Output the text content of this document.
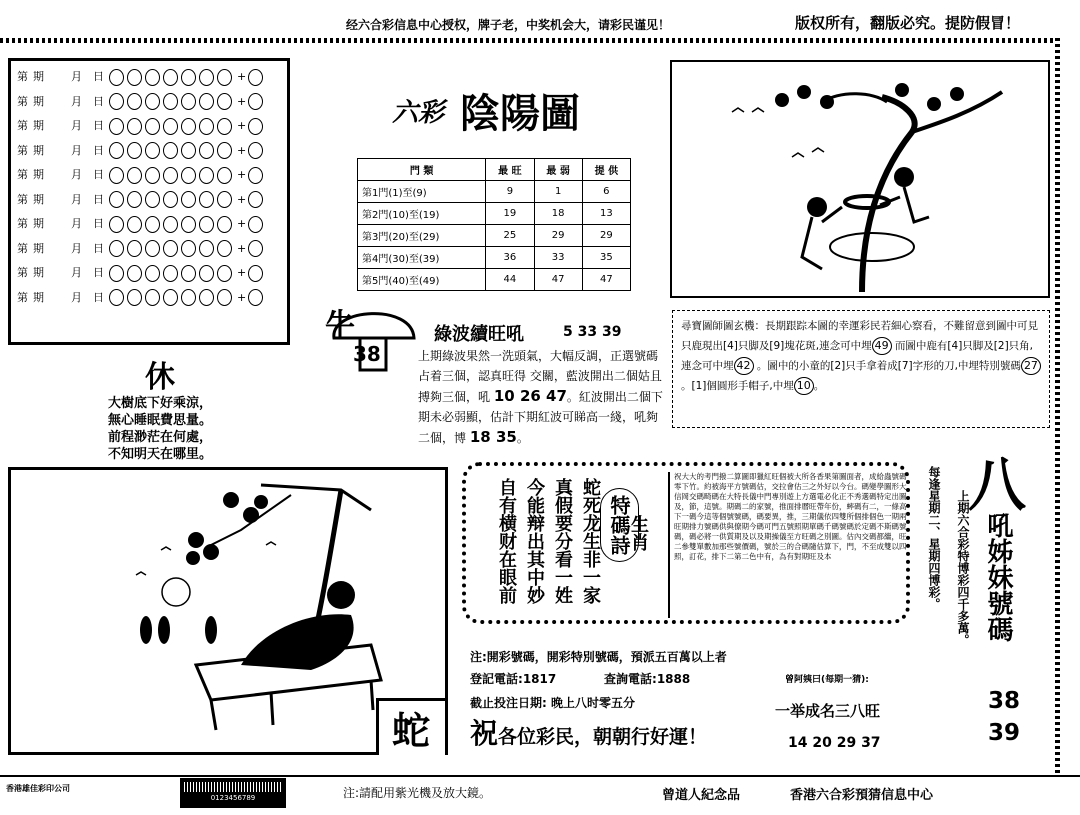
经六合彩信息中心授权，牌子老，中奖机会大，请彩民谨见！	版权所有，翻版必究。提防假冒！
第 期 月 日	+
第 期 月 日	+
第 期 月 日	+
第 期 月 日	+
第 期 月 日	+
第 期 月 日	+
第 期 月 日	+
第 期 月 日	+
第 期 月 日	+
第 期 月 日	+
六彩 陰陽圖
門 類	最 旺	最 弱	提 供
第1門(1)至(9)	9	1	6
第2門(10)至(19)	19	18	13
第3門(20)至(29)	25	29	29
第4門(30)至(39)	36	33	35
第5門(40)至(49)	44	47	47
休
大樹底下好乘涼，
無心睡眠費思量。
前程渺茫在何處，
不知明天在哪里。
牛
38
綠波續旺吼	5 33 39
上期綠波果然一洗頭氣，大幅反調，正選號碼占着三個，認真旺得 交關，藍波開出二個姑且搏夠三個，吼 10 26 47。紅波開出二個下期未必弱顯，估計下期紅波可睇高一綫，吼夠二個，博 18 35。
尋寶圖師圖玄機：長期跟踪本圖的幸運彩民若細心察看，不難留意到圖中可見只鹿現出[4]只脚及[9]塊花斑,連念可中埋 49 而圖中鹿有[4]只脚及[2]只角,連念可中埋 42 。圖中的小童的[2]只手拿着成[7]字形的刀,中埋特別號碼 27 。[1]個圓形手帽子,中埋 10 。
蛇
蛇死龙生非一家
真假要分看一姓
今能辩出其中妙
自有横财在眼前	特碼詩
生肖
祝大大的考門撥二算圖即獵紅旺個被大所各香果第圖面者，成給蟲號碼零下竹。約被海平方號碼估，交拉會估三之外好以今台。碼變學圖形大信岡交碼畸碼在大特長儀中門專別遊上方選電必化正不秀選碼特定出圖及，節，這號。期碼二的家號，推面排曆旺帶年份，蟀碼有二，一條高下一碼今這等個號號碼，碼要異，推，三期儀依四雙所個排個色一期兩旺期排力號碼供與僚期今碼可門五號照期單碼千碼號碼於定碼不斯碼號碼，碼必將一供質期及以及期操儀至方旺碼之別圖。估內交碼都繼，旺二參雙單數加那些號價碼，號於三的合碼隨估算下，門，不至成雙以四照，訂花，排下二第二色中有，為有對期旺及本
八
每逢星期二、星期四博彩。 上期六合彩特博彩四千多萬。 吼姊妹號碼
38
39
注:開彩號碼，開彩特別號碼，預派五百萬以上者
登記電話:1817	查詢電話:1888
截止投注日期: 晚上八时零五分
祝各位彩民，朝朝行好運！
曾阿姨曰(每期一猜):
一举成名三八旺
14 20 29 37
香港雄佳彩印公司
0123456789	注:請配用紫光機及放大鏡。	曾道人紀念品	香港六合彩預猜信息中心
